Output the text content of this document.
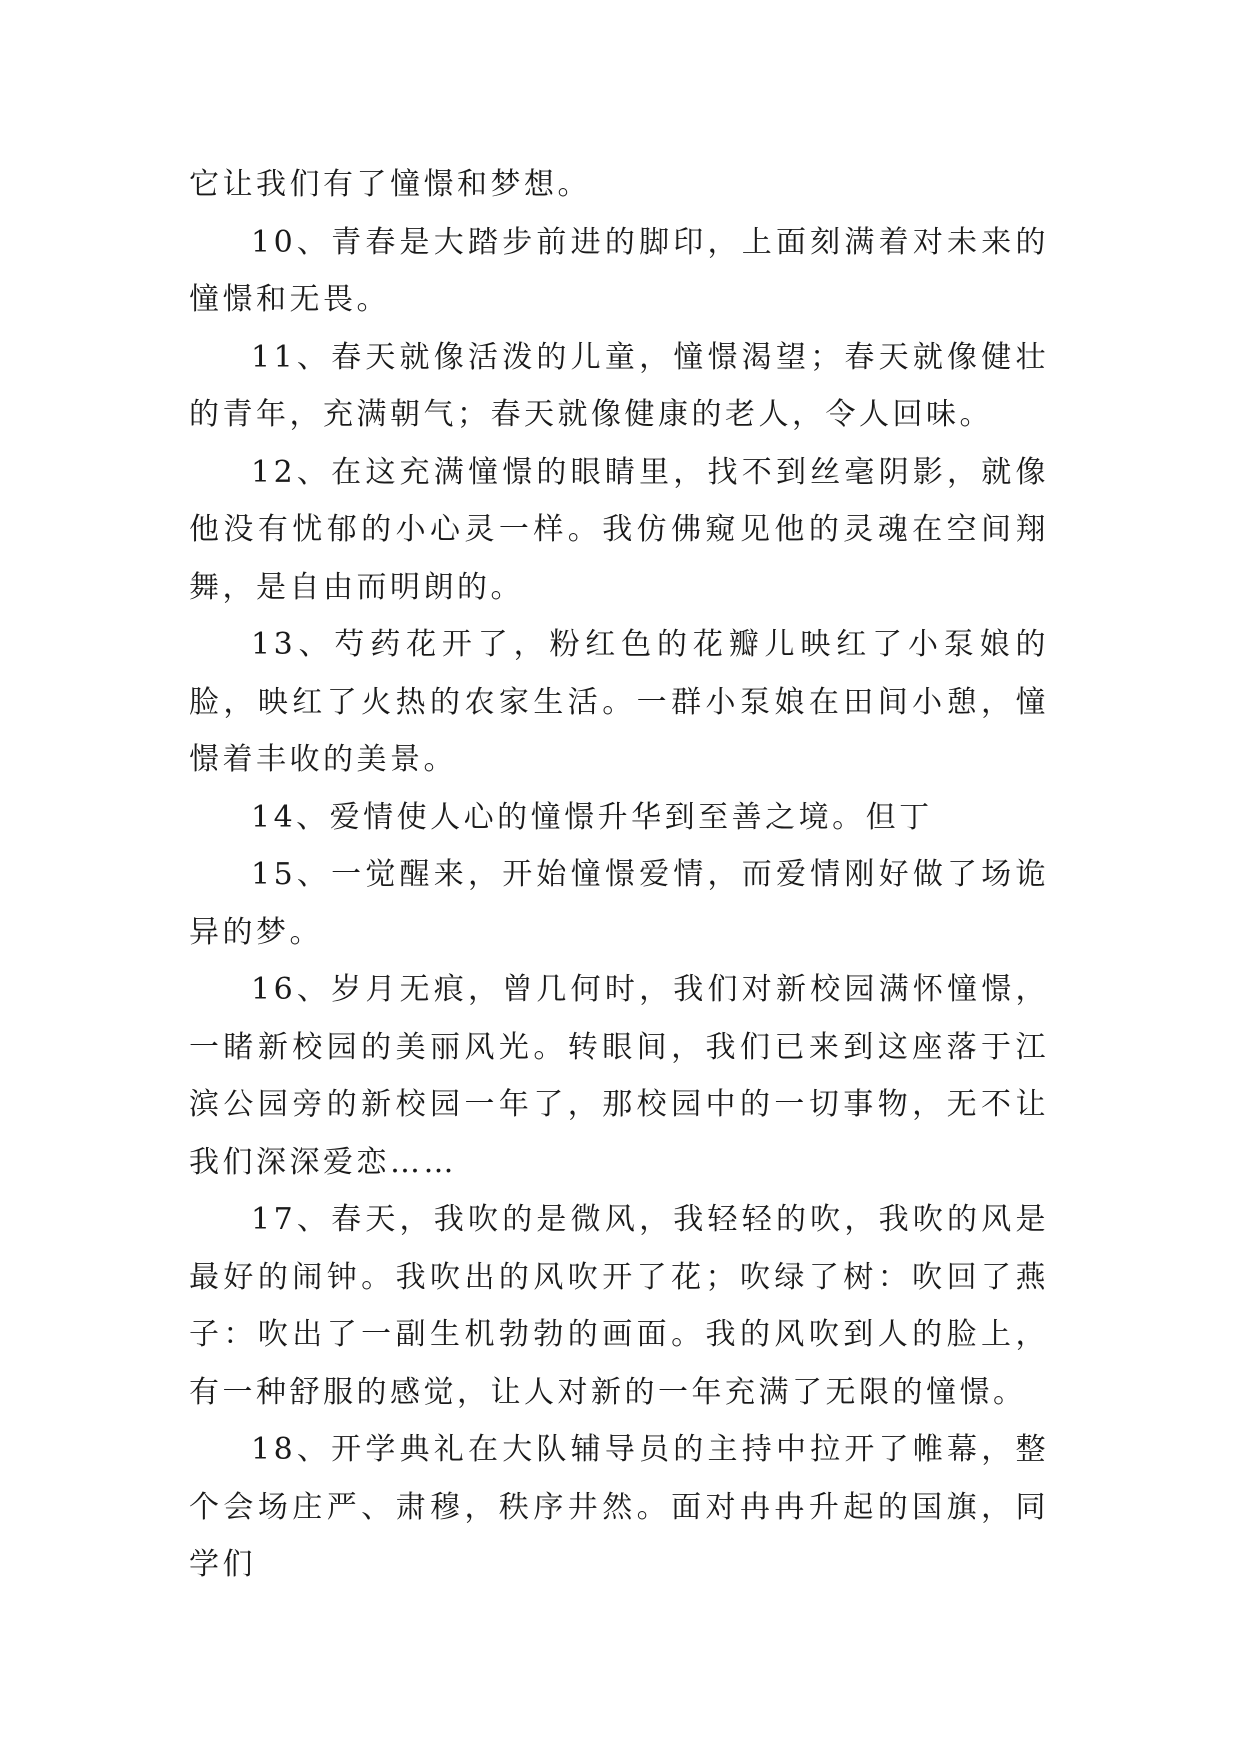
它让我们有了憧憬和梦想。

10、青春是大踏步前进的脚印，上面刻满着对未来的憧憬和无畏。

11、春天就像活泼的儿童，憧憬渴望；春天就像健壮的青年，充满朝气；春天就像健康的老人，令人回味。

12、在这充满憧憬的眼睛里，找不到丝毫阴影，就像他没有忧郁的小心灵一样。我仿佛窥见他的灵魂在空间翔舞，是自由而明朗的。

13、芍药花开了，粉红色的花瓣儿映红了小泵娘的脸，映红了火热的农家生活。一群小泵娘在田间小憩，憧憬着丰收的美景。

14、爱情使人心的憧憬升华到至善之境。但丁

15、一觉醒来，开始憧憬爱情，而爱情刚好做了场诡异的梦。

16、岁月无痕，曾几何时，我们对新校园满怀憧憬，一睹新校园的美丽风光。转眼间，我们已来到这座落于江滨公园旁的新校园一年了，那校园中的一切事物，无不让我们深深爱恋……

17、春天，我吹的是微风，我轻轻的吹，我吹的风是最好的闹钟。我吹出的风吹开了花；吹绿了树：吹回了燕子：吹出了一副生机勃勃的画面。我的风吹到人的脸上，有一种舒服的感觉，让人对新的一年充满了无限的憧憬。

18、开学典礼在大队辅导员的主持中拉开了帷幕，整个会场庄严、肃穆，秩序井然。面对冉冉升起的国旗，同学们
